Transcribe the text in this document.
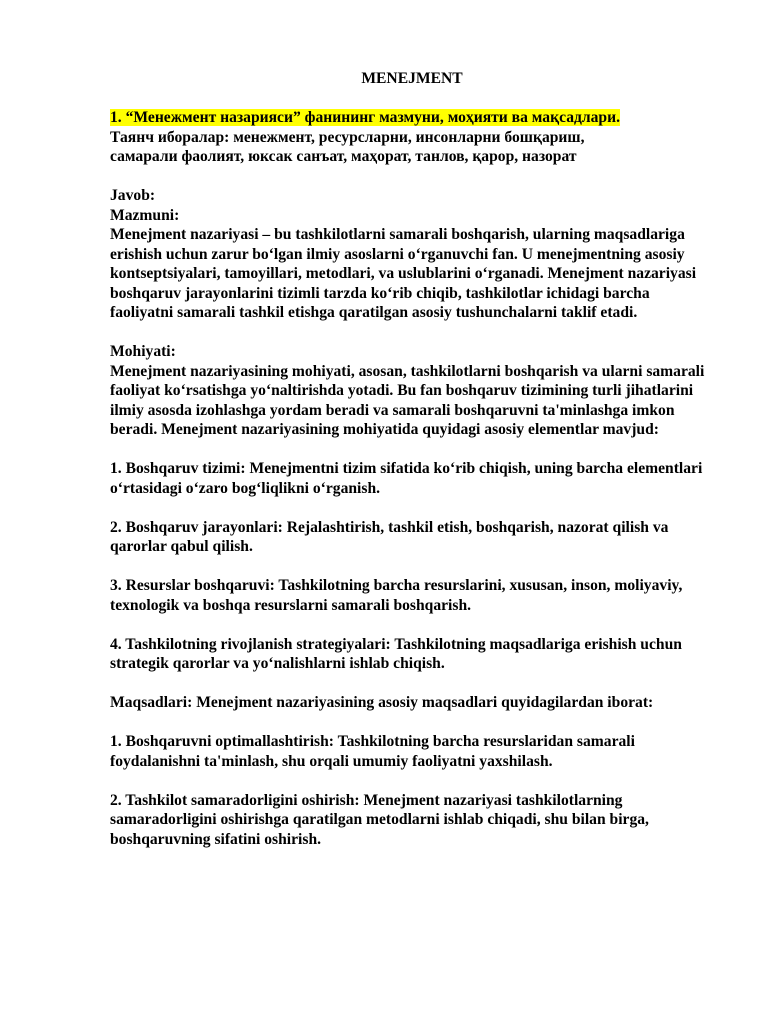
MENEJMENT

1. “Менежмент назарияси” фанининг мазмуни, моҳияти ва мақсадлари.

Таянч иборалар: менежмент, ресурсларни, инсонларни бошқариш,
самарали фаолият, юксак санъат, маҳорат, танлов, қарор, назорат

Javob:

Mazmuni:

Menejment nazariyasi – bu tashkilotlarni samarali boshqarish, ularning maqsadlariga erishish uchun zarur bo‘lgan ilmiy asoslarni o‘rganuvchi fan. U menejmentning asosiy kontseptsiyalari, tamoyillari, metodlari, va uslublarini o‘rganadi. Menejment nazariyasi boshqaruv jarayonlarini tizimli tarzda ko‘rib chiqib, tashkilotlar ichidagi barcha faoliyatni samarali tashkil etishga qaratilgan asosiy tushunchalarni taklif etadi.

Mohiyati:

Menejment nazariyasining mohiyati, asosan, tashkilotlarni boshqarish va ularni samarali faoliyat ko‘rsatishga yo‘naltirishda yotadi. Bu fan boshqaruv tizimining turli jihatlarini ilmiy asosda izohlashga yordam beradi va samarali boshqaruvni ta'minlashga imkon beradi. Menejment nazariyasining mohiyatida quyidagi asosiy elementlar mavjud:

1. Boshqaruv tizimi: Menejmentni tizim sifatida ko‘rib chiqish, uning barcha elementlari o‘rtasidagi o‘zaro bog‘liqlikni o‘rganish.

2. Boshqaruv jarayonlari: Rejalashtirish, tashkil etish, boshqarish, nazorat qilish va qarorlar qabul qilish.

3. Resurslar boshqaruvi: Tashkilotning barcha resurslarini, xususan, inson, moliyaviy, texnologik va boshqa resurslarni samarali boshqarish.

4. Tashkilotning rivojlanish strategiyalari: Tashkilotning maqsadlariga erishish uchun strategik qarorlar va yo‘nalishlarni ishlab chiqish.

Maqsadlari: Menejment nazariyasining asosiy maqsadlari quyidagilardan iborat:

1. Boshqaruvni optimallashtirish: Tashkilotning barcha resurslaridan samarali foydalanishni ta'minlash, shu orqali umumiy faoliyatni yaxshilash.

2. Tashkilot samaradorligini oshirish: Menejment nazariyasi tashkilotlarning samaradorligini oshirishga qaratilgan metodlarni ishlab chiqadi, shu bilan birga, boshqaruvning sifatini oshirish.
